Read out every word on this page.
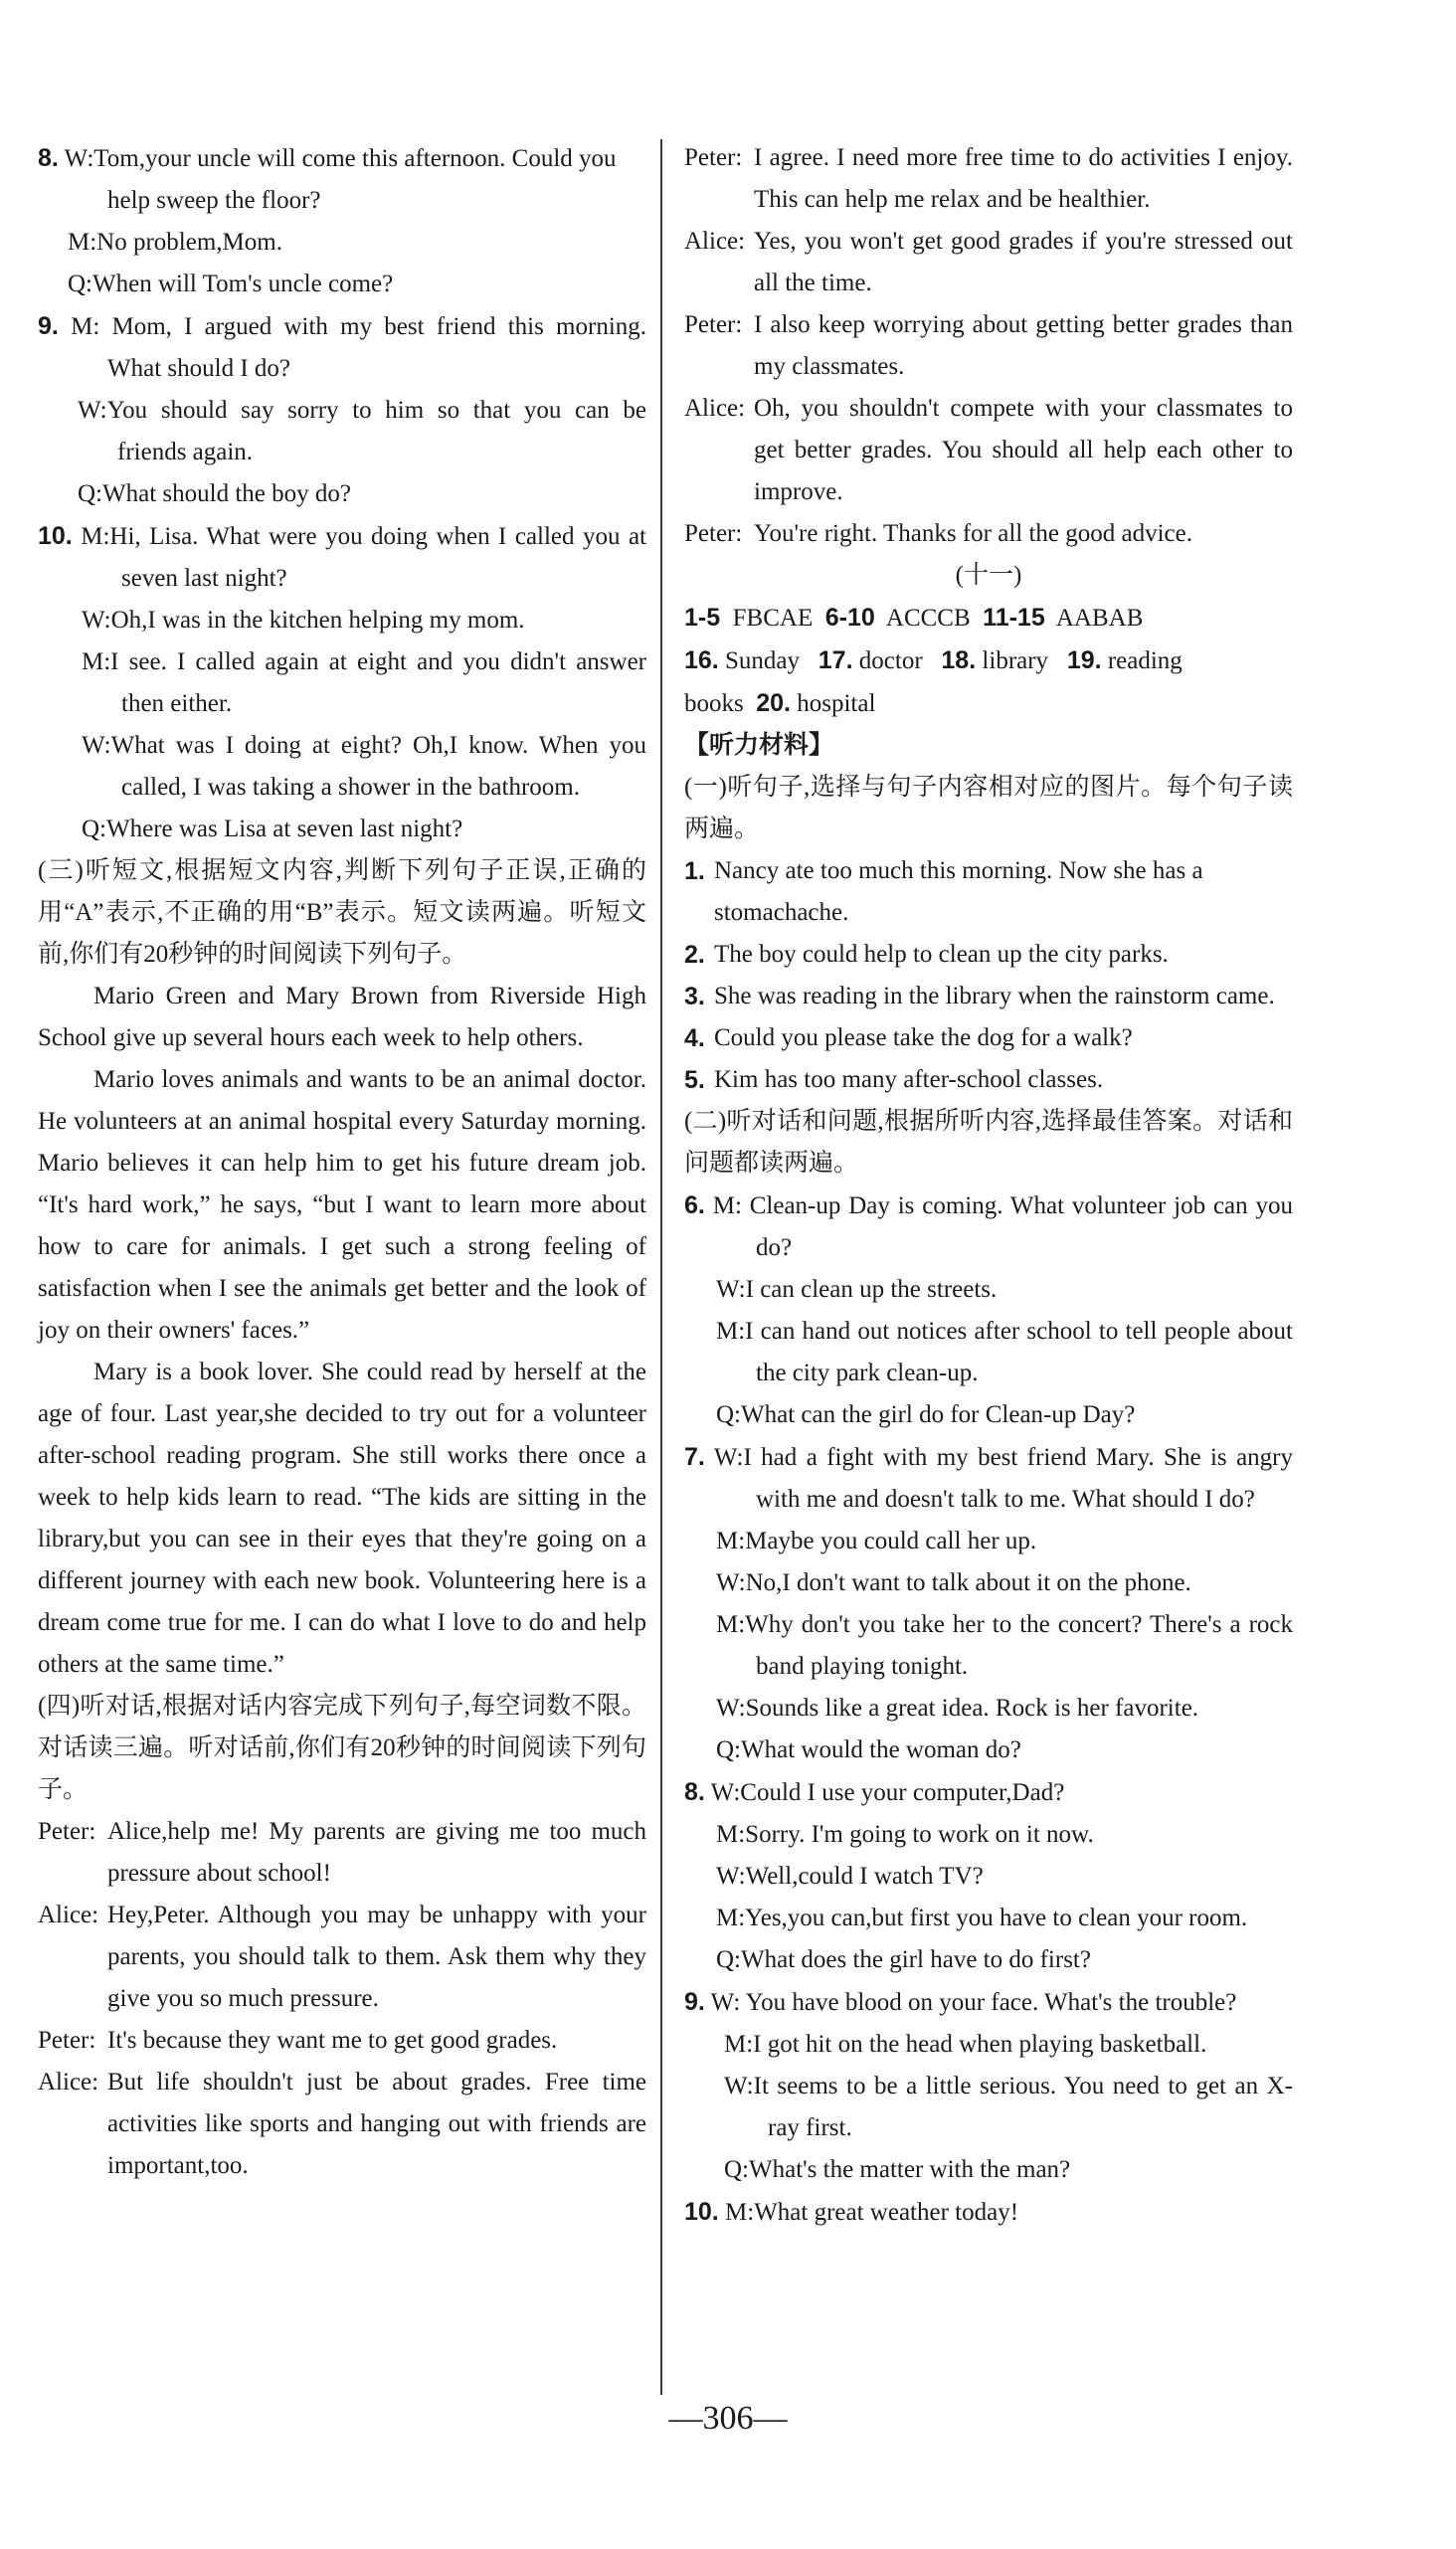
8. W:Tom,your uncle will come this afternoon. Could you help sweep the floor?

M:No problem,Mom.

Q:When will Tom's uncle come?

9. M: Mom, I argued with my best friend this morning. What should I do?
W:You should say sorry to him so that you can be friends again.

Q:What should the boy do?

10. M:Hi, Lisa. What were you doing when I called you at seven last night?
W:Oh,I was in the kitchen helping my mom.
M:I see. I called again at eight and you didn't answer then either.
W:What was I doing at eight? Oh,I know. When you called, I was taking a shower in the bathroom.
Q:Where was Lisa at seven last night?

(三)听短文,根据短文内容,判断下列句子正误,正确的用“A”表示,不正确的用“B”表示。短文读两遍。听短文前,你们有20秒钟的时间阅读下列句子。

Mario Green and Mary Brown from Riverside High School give up several hours each week to help others.

Mario loves animals and wants to be an animal doctor. He volunteers at an animal hospital every Saturday morning. Mario believes it can help him to get his future dream job. “It's hard work,” he says, “but I want to learn more about how to care for animals. I get such a strong feeling of satisfaction when I see the animals get better and the look of joy on their owners' faces.”

Mary is a book lover. She could read by herself at the age of four. Last year,she decided to try out for a volunteer after-school reading program. She still works there once a week to help kids learn to read. “The kids are sitting in the library,but you can see in their eyes that they're going on a different journey with each new book. Volunteering here is a dream come true for me. I can do what I love to do and help others at the same time.”

(四)听对话,根据对话内容完成下列句子,每空词数不限。对话读三遍。听对话前,你们有20秒钟的时间阅读下列句子。

Peter: Alice,help me! My parents are giving me too much pressure about school!
Alice: Hey,Peter. Although you may be unhappy with your parents, you should talk to them. Ask them why they give you so much pressure.
Peter: It's because they want me to get good grades.
Alice: But life shouldn't just be about grades. Free time activities like sports and hanging out with friends are important,too.
Peter: I agree. I need more free time to do activities I enjoy. This can help me relax and be healthier.
Alice: Yes, you won't get good grades if you're stressed out all the time.
Peter: I also keep worrying about getting better grades than my classmates.
Alice: Oh, you shouldn't compete with your classmates to get better grades. You should all help each other to improve.
Peter: You're right. Thanks for all the good advice.

(十一)

1-5 FBCAE 6-10 ACCCB 11-15 AABAB

16. Sunday 17. doctor 18. library 19. reading

books 20. hospital

【听力材料】

(一)听句子,选择与句子内容相对应的图片。每个句子读两遍。

1. Nancy ate too much this morning. Now she has a stomachache.
2. The boy could help to clean up the city parks.
3. She was reading in the library when the rainstorm came.
4. Could you please take the dog for a walk?
5. Kim has too many after-school classes.

(二)听对话和问题,根据所听内容,选择最佳答案。对话和问题都读两遍。

6. M: Clean-up Day is coming. What volunteer job can you do?
W:I can clean up the streets.
M:I can hand out notices after school to tell people about the city park clean-up.
Q:What can the girl do for Clean-up Day?
7. W:I had a fight with my best friend Mary. She is angry with me and doesn't talk to me. What should I do?
M:Maybe you could call her up.
W:No,I don't want to talk about it on the phone.
M:Why don't you take her to the concert? There's a rock band playing tonight.
W:Sounds like a great idea. Rock is her favorite.
Q:What would the woman do?
8. W:Could I use your computer,Dad?
M:Sorry. I'm going to work on it now.
W:Well,could I watch TV?
M:Yes,you can,but first you have to clean your room.
Q:What does the girl have to do first?
9. W: You have blood on your face. What's the trouble?
M:I got hit on the head when playing basketball.
W:It seems to be a little serious. You need to get an X-ray first.
Q:What's the matter with the man?
10. M:What great weather today!
—306—
